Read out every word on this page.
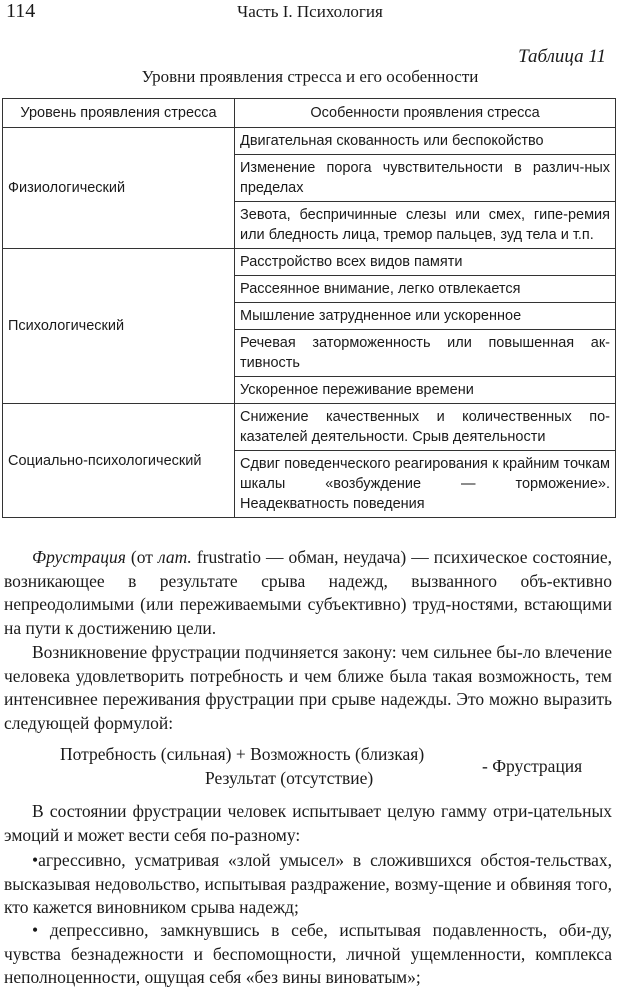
114	Часть I. Психология
Таблица 11
Уровни проявления стресса и его особенности
Уровень проявления стресса	Особенности проявления стресса
Физиологический	Двигательная скованность или беспокойство
	Изменение порога чувствительности в различ-ных пределах
	Зевота, беспричинные слезы или смех, гипе-ремия или бледность лица, тремор пальцев, зуд тела и т.п.
Психологический	Расстройство всех видов памяти
	Рассеянное внимание, легко отвлекается
	Мышление затрудненное или ускоренное
	Речевая заторможенность или повышенная ак-тивность
	Ускоренное переживание времени
Социально-психологический	Снижение качественных и количественных по-казателей деятельности. Срыв деятельности
	Сдвиг поведенческого реагирования к крайним точкам шкалы «возбуждение — торможение». Неадекватность поведения

Фрустрация (от лат. frustratio — обман, неудача) — психическое состояние, возникающее в результате срыва надежд, вызванного объ-ективно непреодолимыми (или переживаемыми субъективно) труд-ностями, встающими на пути к достижению цели.

Возникновение фрустрации подчиняется закону: чем сильнее бы-ло влечение человека удовлетворить потребность и чем ближе была такая возможность, тем интенсивнее переживания фрустрации при срыве надежды. Это можно выразить следующей формулой:

Потребность (сильная) + Возможность (близкая)
Результат (отсутствие)
- Фрустрация

В состоянии фрустрации человек испытывает целую гамму отри-цательных эмоций и может вести себя по-разному:

•агрессивно, усматривая «злой умысел» в сложившихся обстоя-тельствах, высказывая недовольство, испытывая раздражение, возму-щение и обвиняя того, кто кажется виновником срыва надежд;

• депрессивно, замкнувшись в себе, испытывая подавленность, оби-ду, чувства безнадежности и беспомощности, личной ущемленности, комплекса неполноценности, ощущая себя «без вины виноватым»;
